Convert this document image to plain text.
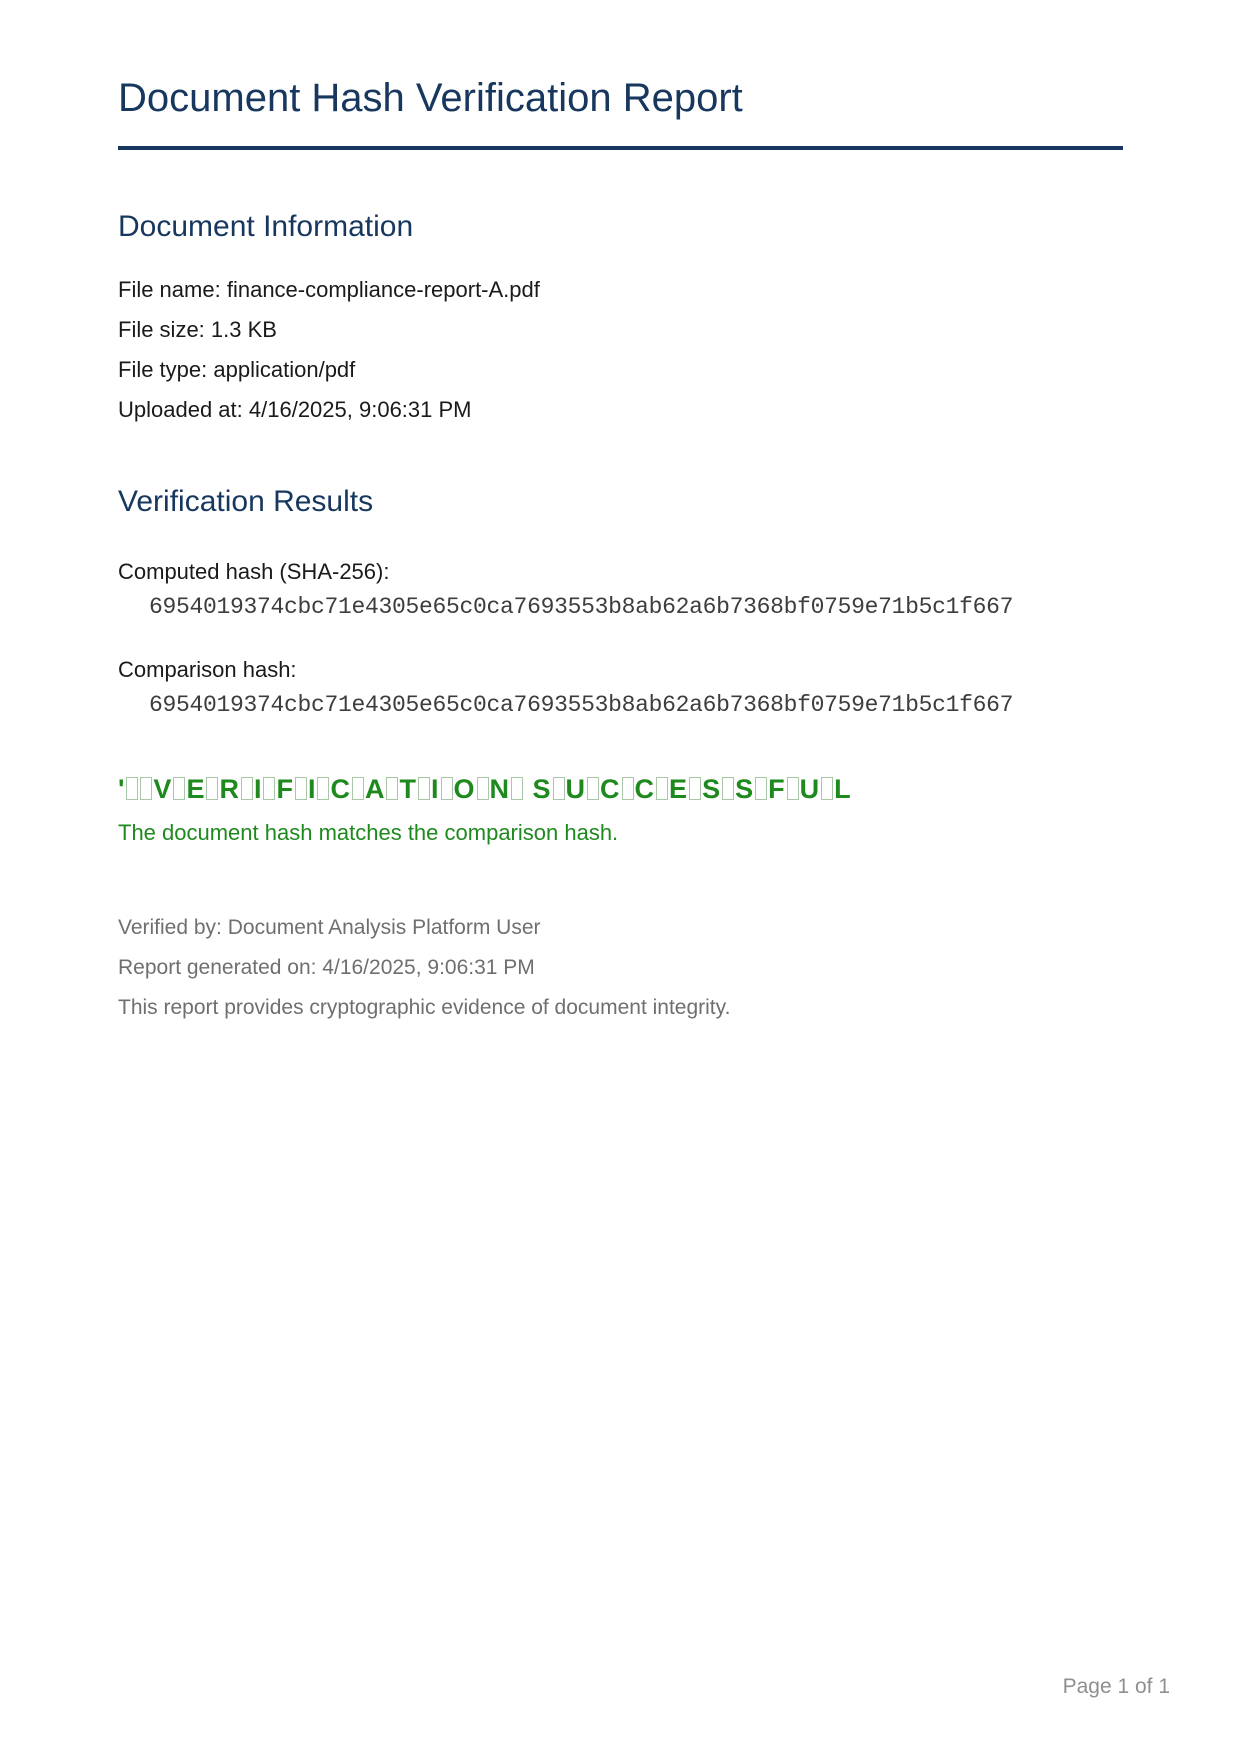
Document Hash Verification Report
Document Information

File name: finance-compliance-report-A.pdf

File size: 1.3 KB

File type: application/pdf

Uploaded at: 4/16/2025, 9:06:31 PM

Verification Results

Computed hash (SHA-256):

6954019374cbc71e4305e65c0ca7693553b8ab62a6b7368bf0759e71b5c1f667

Comparison hash:

6954019374cbc71e4305e65c0ca7693553b8ab62a6b7368bf0759e71b5c1f667

' V E R I F I C A T I O N S U C C E S S F U L

The document hash matches the comparison hash.

Verified by: Document Analysis Platform User

Report generated on: 4/16/2025, 9:06:31 PM

This report provides cryptographic evidence of document integrity.

Page 1 of 1
